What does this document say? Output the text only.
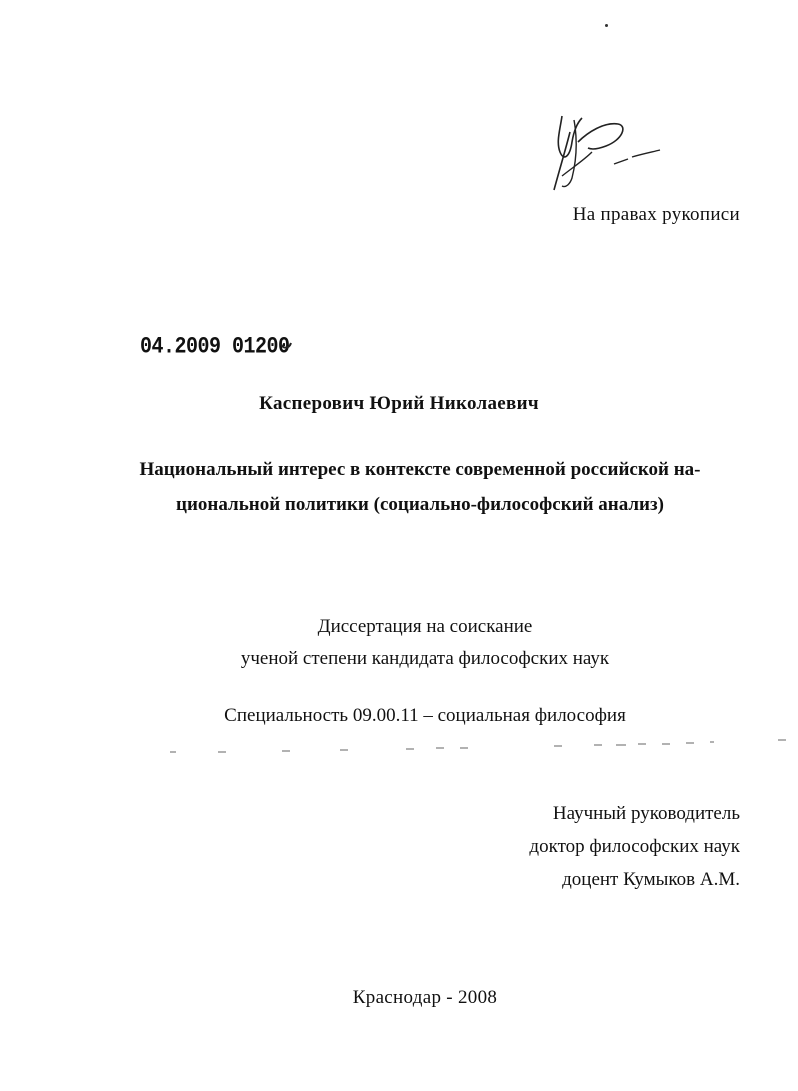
На правах рукописи
04.2009 01200
Касперович Юрий Николаевич
Национальный интерес в контексте современной российской на-
циональной политики (социально-философский анализ)
Диссертация на соискание
ученой степени кандидата философских наук
Специальность 09.00.11 – социальная философия
Научный руководитель
доктор философских наук
доцент Кумыков А.М.
Краснодар - 2008
